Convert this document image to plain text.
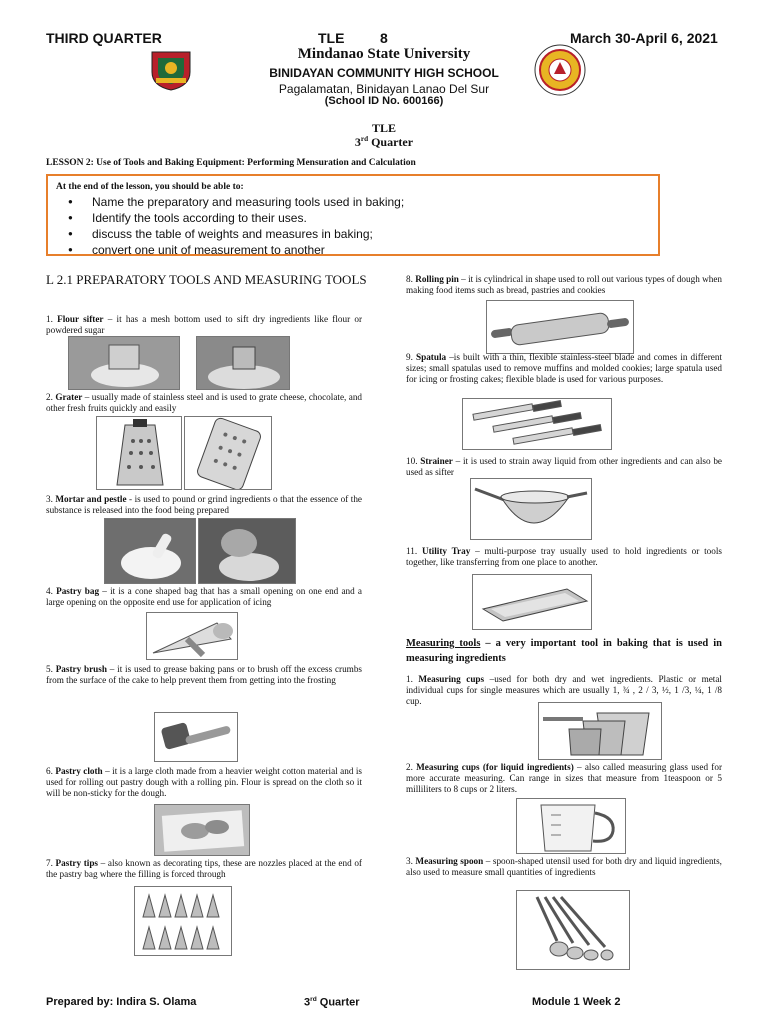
THIRD QUARTER	TLE	8	March 30-April 6, 2021
Mindanao State University
BINIDAYAN COMMUNITY HIGH SCHOOL
Pagalamatan, Binidayan Lanao Del Sur
(School ID No. 600166)
TLE
3rd Quarter
LESSON 2: Use of Tools and Baking Equipment: Performing Mensuration and Calculation
At the end of the lesson, you should be able to:
● Name the preparatory and measuring tools used in baking;
● Identify the tools according to their uses.
● discuss the table of weights and measures in baking;
● convert one unit of measurement to another
L 2.1 PREPARATORY TOOLS AND MEASURING TOOLS
1. Flour sifter – it has a mesh bottom used to sift dry ingredients like flour or powdered sugar
2. Grater – usually made of stainless steel and is used to grate cheese, chocolate, and other fresh fruits quickly and easily
3. Mortar and pestle - is used to pound or grind ingredients o that the essence of the substance is released into the food being prepared
4. Pastry bag – it is a cone shaped bag that has a small opening on one end and a large opening on the opposite end use for application of icing
5. Pastry brush – it is used to grease baking pans or to brush off the excess crumbs from the surface of the cake to help prevent them from getting into the frosting
6. Pastry cloth – it is a large cloth made from a heavier weight cotton material and is used for rolling out pastry dough with a rolling pin. Flour is spread on the cloth so it will be non-sticky for the dough.
7. Pastry tips – also known as decorating tips, these are nozzles placed at the end of the pastry bag where the filling is forced through
8. Rolling pin – it is cylindrical in shape used to roll out various types of dough when making food items such as bread, pastries and cookies
9. Spatula –is built with a thin, flexible stainless-steel blade and comes in different sizes; small spatulas used to remove muffins and molded cookies; large spatula used for icing or frosting cakes; flexible blade is used for various purposes.
10. Strainer – it is used to strain away liquid from other ingredients and can also be used as sifter
11. Utility Tray – multi-purpose tray usually used to hold ingredients or tools together, like transferring from one place to another.
Measuring tools – a very important tool in baking that is used in measuring ingredients
1. Measuring cups –used for both dry and wet ingredients. Plastic or metal individual cups for single measures which are usually 1, ¾ , 2 / 3, ½, 1 /3, ¼, 1 /8 cup.
2. Measuring cups (for liquid ingredients) – also called measuring glass used for more accurate measuring. Can range in sizes that measure from 1teaspoon or 5 milliliters to 8 cups or 2 liters.
3. Measuring spoon – spoon-shaped utensil used for both dry and liquid ingredients, also used to measure small quantities of ingredients
Prepared by: Indira S. Olama	3rd Quarter	Module 1 Week 2
